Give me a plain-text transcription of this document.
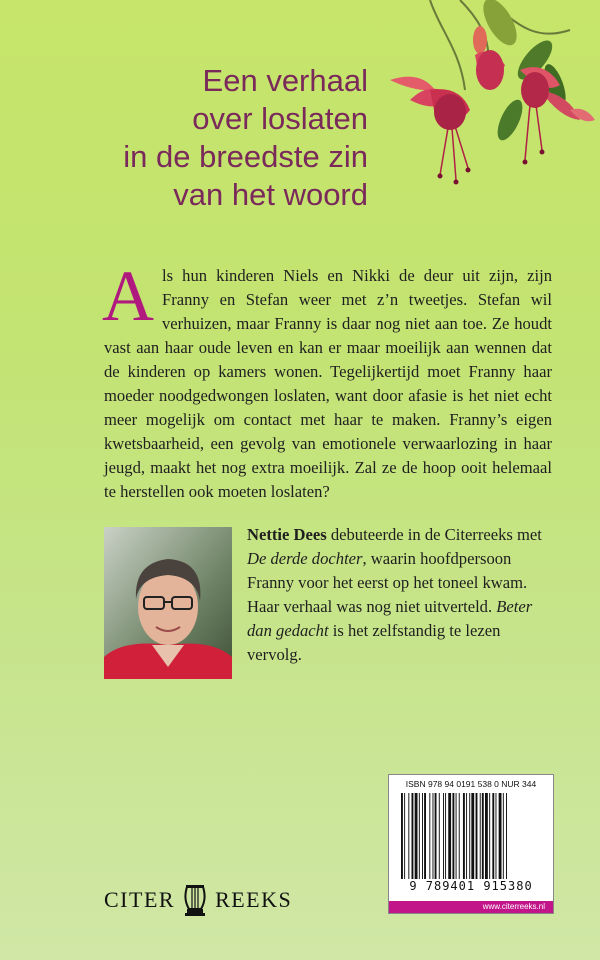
Een verhaal
over loslaten
in de breedste zin
van het woord
A ls hun kinderen Niels en Nikki de deur uit zijn, zijn Franny en Stefan weer met z’n tweetjes. Stefan wil verhuizen, maar Franny is daar nog niet aan toe. Ze houdt vast aan haar oude leven en kan er maar moeilijk aan wennen dat de kinderen op kamers wonen. Tegelijkertijd moet Franny haar moeder noodgedwongen loslaten, want door afasie is het niet echt meer mogelijk om contact met haar te maken. Franny’s eigen kwetsbaarheid, een gevolg van emotionele verwaarlozing in haar jeugd, maakt het nog extra moeilijk. Zal ze de hoop ooit helemaal te herstellen ook moeten loslaten?

Nettie Dees debuteerde in de Citerreeks met De derde dochter, waarin hoofdpersoon Franny voor het eerst op het toneel kwam. Haar verhaal was nog niet uitverteld. Beter dan gedacht is het zelfstandig te lezen vervolg.
CITER REEKS
ISBN 978 94 0191 538 0 NUR 344
9 789401 915380
www.citerreeks.nl
